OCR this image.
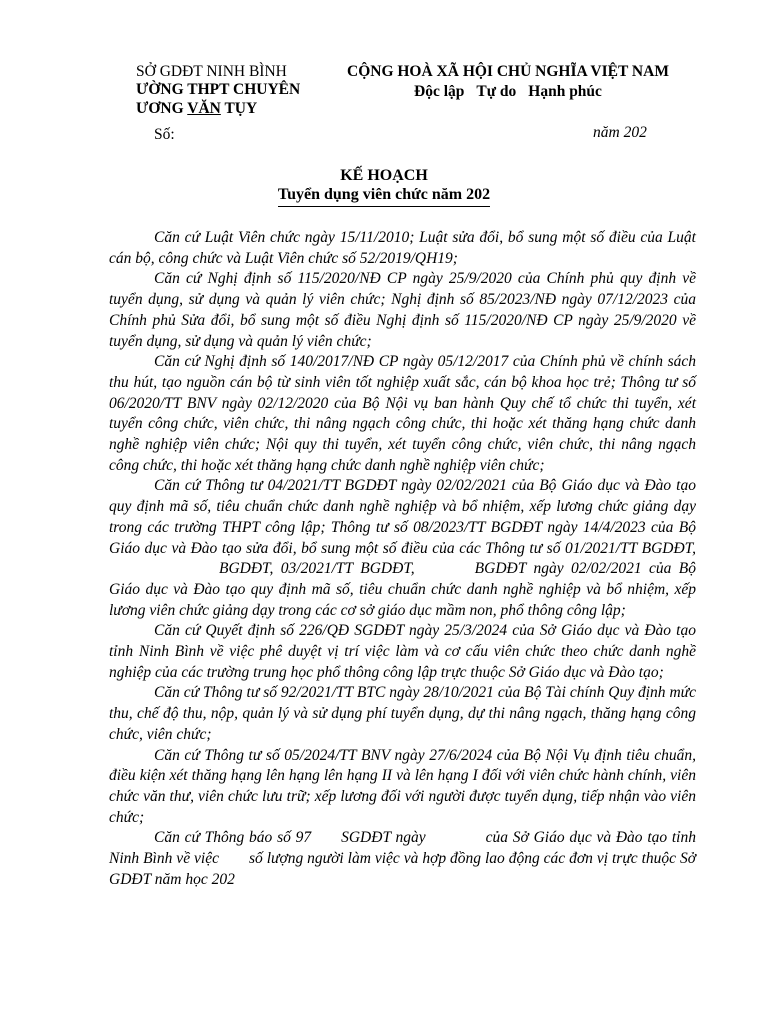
SỞ GDĐT NINH BÌNH
ƯỜNG THPT CHUYÊN
ƯƠNG VĂN TỤY
Số:
CỘNG HOÀ XÃ HỘI CHỦ NGHĨA VIỆT NAM
Độc lập Tự do Hạnh phúc
năm 202
KẾ HOẠCH
Tuyển dụng viên chức năm 202

Căn cứ Luật Viên chức ngày 15/11/2010; Luật sửa đổi, bổ sung một số điều của Luật cán bộ, công chức và Luật Viên chức số 52/2019/QH19;

Căn cứ Nghị định số 115/2020/NĐ CP ngày 25/9/2020 của Chính phủ quy định về tuyển dụng, sử dụng và quản lý viên chức; Nghị định số 85/2023/NĐ ngày 07/12/2023 của Chính phủ Sửa đổi, bổ sung một số điều Nghị định số 115/2020/NĐ CP ngày 25/9/2020 về tuyển dụng, sử dụng và quản lý viên chức;

Căn cứ Nghị định số 140/2017/NĐ CP ngày 05/12/2017 của Chính phủ về chính sách thu hút, tạo nguồn cán bộ từ sinh viên tốt nghiệp xuất sắc, cán bộ khoa học trẻ; Thông tư số 06/2020/TT BNV ngày 02/12/2020 của Bộ Nội vụ ban hành Quy chế tổ chức thi tuyển, xét tuyển công chức, viên chức, thi nâng ngạch công chức, thi hoặc xét thăng hạng chức danh nghề nghiệp viên chức; Nội quy thi tuyển, xét tuyển công chức, viên chức, thi nâng ngạch công chức, thi hoặc xét thăng hạng chức danh nghề nghiệp viên chức;

Căn cứ Thông tư 04/2021/TT BGDĐT ngày 02/02/2021 của Bộ Giáo dục và Đào tạo quy định mã số, tiêu chuẩn chức danh nghề nghiệp và bổ nhiệm, xếp lương chức giảng dạy trong các trường THPT công lập; Thông tư số 08/2023/TT BGDĐT ngày 14/4/2023 của Bộ Giáo dục và Đào tạo sửa đổi, bổ sung một số điều của các Thông tư số 01/2021/TT BGDĐT,BGDĐT, 03/2021/TT BGDĐT,	BGDĐT ngày 02/02/2021 của Bộ Giáo dục và Đào tạo quy định mã số, tiêu chuẩn chức danh nghề nghiệp và bổ nhiệm, xếp lương viên chức giảng dạy trong các cơ sở giáo dục mầm non, phổ thông công lập;

Căn cứ Quyết định số 226/QĐ SGDĐT ngày 25/3/2024 của Sở Giáo dục và Đào tạo tỉnh Ninh Bình về việc phê duyệt vị trí việc làm và cơ cấu viên chức theo chức danh nghề nghiệp của các trường trung học phổ thông công lập trực thuộc Sở Giáo dục và Đào tạo;

Căn cứ Thông tư số 92/2021/TT BTC ngày 28/10/2021 của Bộ Tài chính Quy định mức thu, chế độ thu, nộp, quản lý và sử dụng phí tuyển dụng, dự thi nâng ngạch, thăng hạng công chức, viên chức;

Căn cứ Thông tư số 05/2024/TT BNV ngày 27/6/2024 của Bộ Nội Vụ định tiêu chuẩn, điều kiện xét thăng hạng lên hạng lên hạng II và lên hạng I đối với viên chức hành chính, viên chức văn thư, viên chức lưu trữ; xếp lương đối với người được tuyển dụng, tiếp nhận vào viên chức;

Căn cứ Thông báo số 97 SGDĐT ngày	của Sở Giáo dục và Đào tạo tỉnh Ninh Bình về việc số lượng người làm việc và hợp đồng lao động các đơn vị trực thuộc Sở GDĐT năm học 202
